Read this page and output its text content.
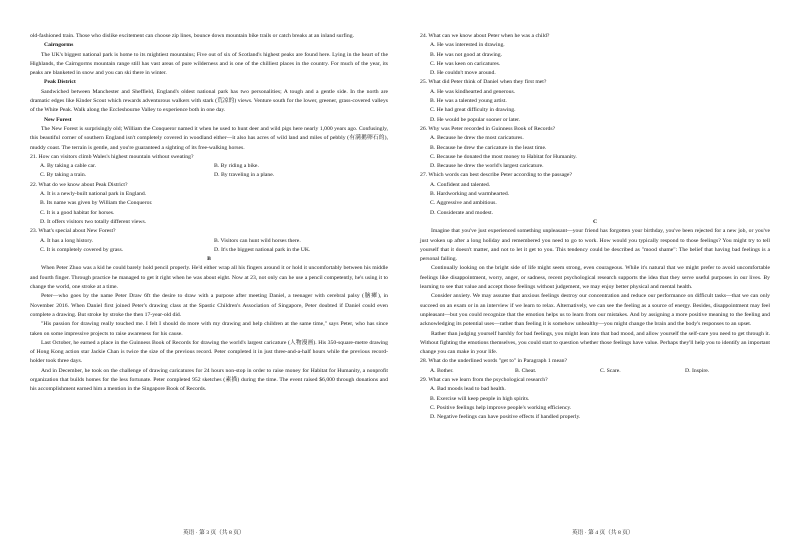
old-fashioned train. Those who dislike excitement can choose zip lines, bounce down mountain bike trails or catch breaks at an inland surfing.

Cairngorms

The UK's biggest national park is home to its mightiest mountains; Five out of six of Scotland's highest peaks are found here. Lying in the heart of the Highlands, the Cairngorms mountain range still has vast areas of pure wilderness and is one of the chilliest places in the country. For much of the year, its peaks are blanketed in snow and you can ski there in winter.

Peak District

Sandwiched between Manchester and Sheffield, England's oldest national park has two personalities; A tough and a gentle side. In the north are dramatic edges like Kinder Scout which rewards adventurous walkers with stark (荒凉的) views. Venture south for the lower, greener, grass-covered valleys of the White Peak. Walk along the Eccleshourne Valley to experience both in one day.

New Forest

The New Forest is surprisingly old; William the Conqueror named it when he used to hunt deer and wild pigs here nearly 1,000 years ago. Confusingly, this beautiful corner of southern England isn't completely covered in woodland either—it also has acres of wild land and miles of pebbly (有满鹅卵石的), muddy coast. The terrain is gentle, and you're guaranteed a sighting of its free-walking horses.

21. How can visitors climb Wales's highest mountain without sweating?

A. By taking a cable car.	B. By riding a bike.
C. By taking a train.	D. By traveling in a plane.

22. What do we know about Peak District?

A. It is a newly-built national park in England.

B. Its name was given by William the Conqueror.

C. It is a good habitat for horses.

D. It offers visitors two totally different views.

23. What's special about New Forest?

A. It has a long history.	B. Visitors can hunt wild horses there.
C. It is completely covered by grass.	D. It's the biggest national park in the UK.

B

When Peter Zhuo was a kid he could barely hold pencil properly. He'd either wrap all his fingers around it or hold it uncomfortably between his middle and fourth finger. Through practice he managed to get it right when he was about eight. Now at 23, not only can he use a pencil competently, he's using it to change the world, one stroke at a time.

Peter—who goes by the name Peter Draw 6ft the desire to draw with a purpose after meeting Daniel, a teenager with cerebral palsy (脑瘫), in November 2016. When Daniel first joined Peter's drawing class at the Spastic Children's Association of Singapore, Peter doubted if Daniel could even complete a drawing. But stroke by stroke the then 17-year-old did.

"His passion for drawing really touched me. I felt I should do more with my drawing and help children at the same time," says Peter, who has since taken on some impressive projects to raise awareness for his cause.

Last October, he earned a place in the Guinness Book of Records for drawing the world's largest caricature (人物漫画). His 350-square-metre drawing of Hong Kong action star Jackie Chan is twice the size of the previous record. Peter completed it in just three-and-a-half hours while the previous record-holder took three days.

And in December, he took on the challenge of drawing caricatures for 24 hours non-stop in order to raise money for Habitat for Humanity, a nonprofit organization that builds homes for the less fortunate. Peter completed 952 sketches (素描) during the time. The event raised $6,000 through donations and his accomplishment earned him a mention in the Singapore Book of Records.

24. What can we know about Peter when he was a child?

A. He was interested in drawing.

B. He was not good at drawing.

C. He was keen on caricatures.

D. He couldn't move around.

25. What did Peter think of Daniel when they first met?

A. He was kindhearted and generous.

B. He was a talented young artist.

C. He had great difficulty in drawing.

D. He would be popular sooner or later.

26. Why was Peter recorded in Guinness Book of Records?

A. Because he drew the most caricatures.

B. Because he drew the caricature in the least time.

C. Because he donated the most money to Habitat for Humanity.

D. Because he drew the world's largest caricature.

27. Which words can best describe Peter according to the passage?

A. Confident and talented.

B. Hardworking and warmhearted.

C. Aggressive and ambitious.

D. Considerate and modest.

C

Imagine that you've just experienced something unpleasant—your friend has forgotten your birthday, you've been rejected for a new job, or you've just woken up after a long holiday and remembered you need to go to work. How would you typically respond to those feelings? You might try to tell yourself that it doesn't matter, and not to let it get to you. This tendency could be described as "mood shame": The belief that having bad feelings is a personal failing.

Continually looking on the bright side of life might seem strong, even courageous. While it's natural that we might prefer to avoid uncomfortable feelings like disappointment, worry, anger, or sadness, recent psychological research supports the idea that they serve useful purposes in our lives. By learning to see that value and accept those feelings without judgement, we may enjoy better physical and mental health.

Consider anxiety. We may assume that anxious feelings destroy our concentration and reduce our performance on difficult tasks—that we can only succeed on an exam or in an interview if we learn to relax. Alternatively, we can see the feeling as a source of energy. Besides, disappointment may feel unpleasant—but you could recognize that the emotion helps us to learn from our mistakes. And by assigning a more positive meaning to the feeling and acknowledging its potential uses—rather than feeling it is somehow unhealthy—you might change the brain and the body's responses to an upset.

Rather than judging yourself harshly for bad feelings, you might lean into that bad mood, and allow yourself the self-care you need to get through it. Without fighting the emotions themselves, you could start to question whether those feelings have value. Perhaps they'll help you to identify an important change you can make in your life.

28. What do the underlined words "get to" in Paragraph 1 mean?

A. Bother.	B. Cheat.	C. Scare.	D. Inspire.

29. What can we learn from the psychological research?

A. Bad moods lead to bad health.

B. Exercise will keep people in high spirits.

C. Positive feelings help improve people's working efficiency.

D. Negative feelings can have positive effects if handled properly.

英语 · 第 3 页（共 8 页）	英语 · 第 4 页（共 8 页）
